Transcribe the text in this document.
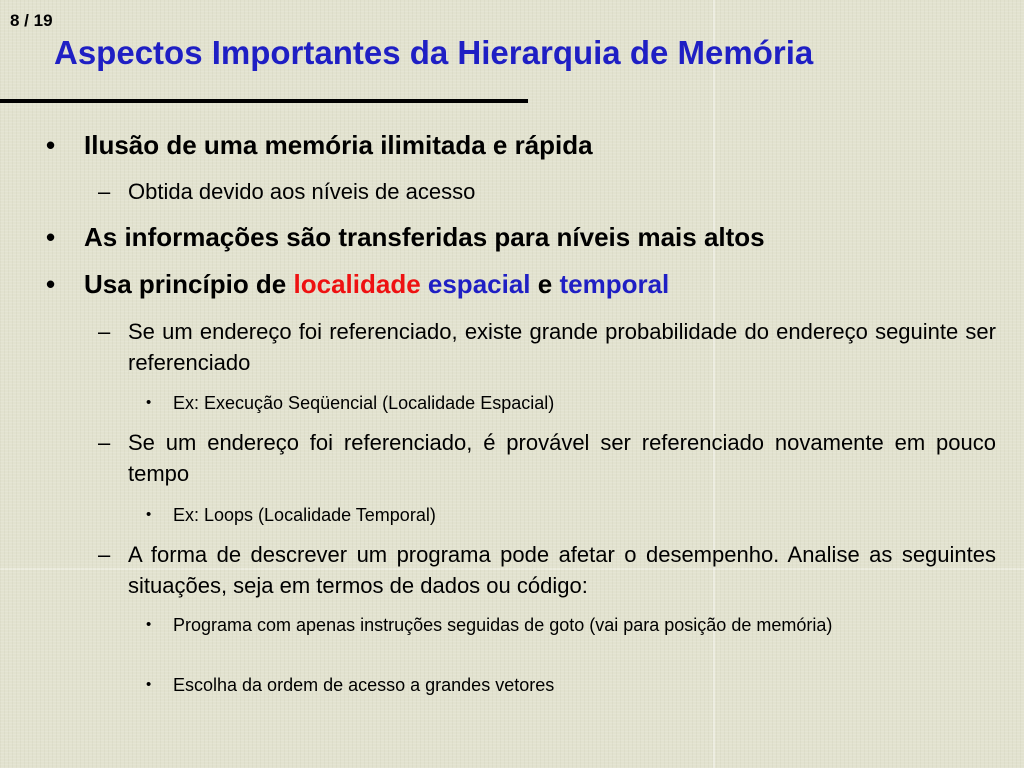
8 / 19
Aspectos Importantes da Hierarquia de Memória
• Ilusão de uma memória ilimitada e rápida
– Obtida devido aos níveis de acesso
• As informações são transferidas para níveis mais altos
• Usa princípio de localidade espacial e temporal
– Se um endereço foi referenciado, existe grande probabilidade do endereço seguinte ser referenciado
• Ex: Execução Seqüencial (Localidade Espacial)
– Se um endereço foi referenciado, é provável ser referenciado novamente em pouco tempo
• Ex: Loops (Localidade Temporal)
– A forma de descrever um programa pode afetar o desempenho. Analise as seguintes situações, seja em termos de dados ou código:
• Programa com apenas instruções seguidas de goto (vai para posição de memória)
• Escolha da ordem de acesso a grandes vetores
